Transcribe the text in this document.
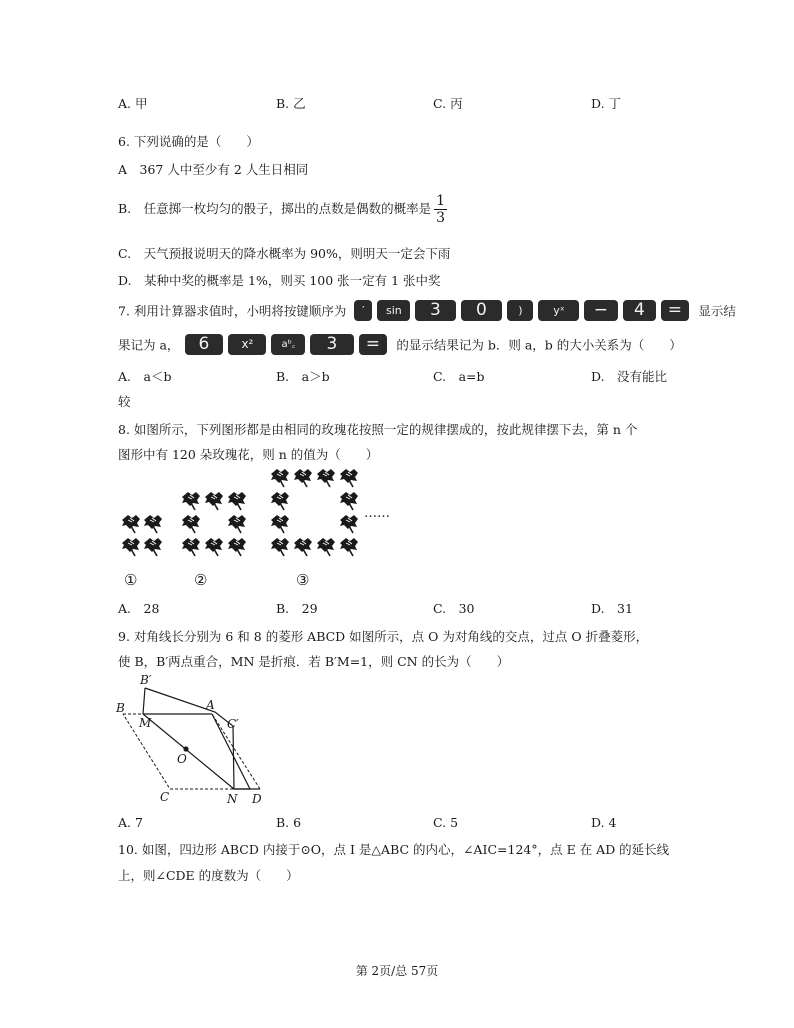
A. 甲	B. 乙	C. 丙	D. 丁
6. 下列说确的是（　　）
A　367 人中至少有 2 人生日相同
B.　任意掷一枚均匀的骰子，掷出的点数是偶数的概率是 $\frac{1}{3}$
C.　天气预报说明天的降水概率为 90%，则明天一定会下雨
D.　某种中奖的概率是 1%，则买 100 张一定有 1 张中奖
7. 利用计算器求值时，小明将按键顺序为 ′ sin 3 0	)	yˣ − 4 = 显示结
果记为 a， 6	x²	aᵇ꜀ 3 = 的显示结果记为 b．则 a，b 的大小关系为（　　）
A.　a＜b	B.　a＞b	C.　a=b	D.　没有能比
较
8. 如图所示，下列图形都是由相同的玫瑰花按照一定的规律摆成的，按此规律摆下去，第 n 个
图形中有 120 朵玫瑰花，则 n 的值为（　　）
……
①	②	③
A.　28	B.　29	C.　30	D.　31
9. 对角线长分别为 6 和 8 的菱形 ABCD 如图所示，点 O 为对角线的交点，过点 O 折叠菱形，
使 B，B′两点重合，MN 是折痕．若 B′M=1，则 CN 的长为（　　）
B′
B
M
A
C′
O
C	N D
A. 7	B. 6	C. 5	D. 4
10. 如图，四边形 ABCD 内接于⊙O，点 I 是△ABC 的内心，∠AIC=124°，点 E 在 AD 的延长线
上，则∠CDE 的度数为（　　）
第 2页/总 57页
